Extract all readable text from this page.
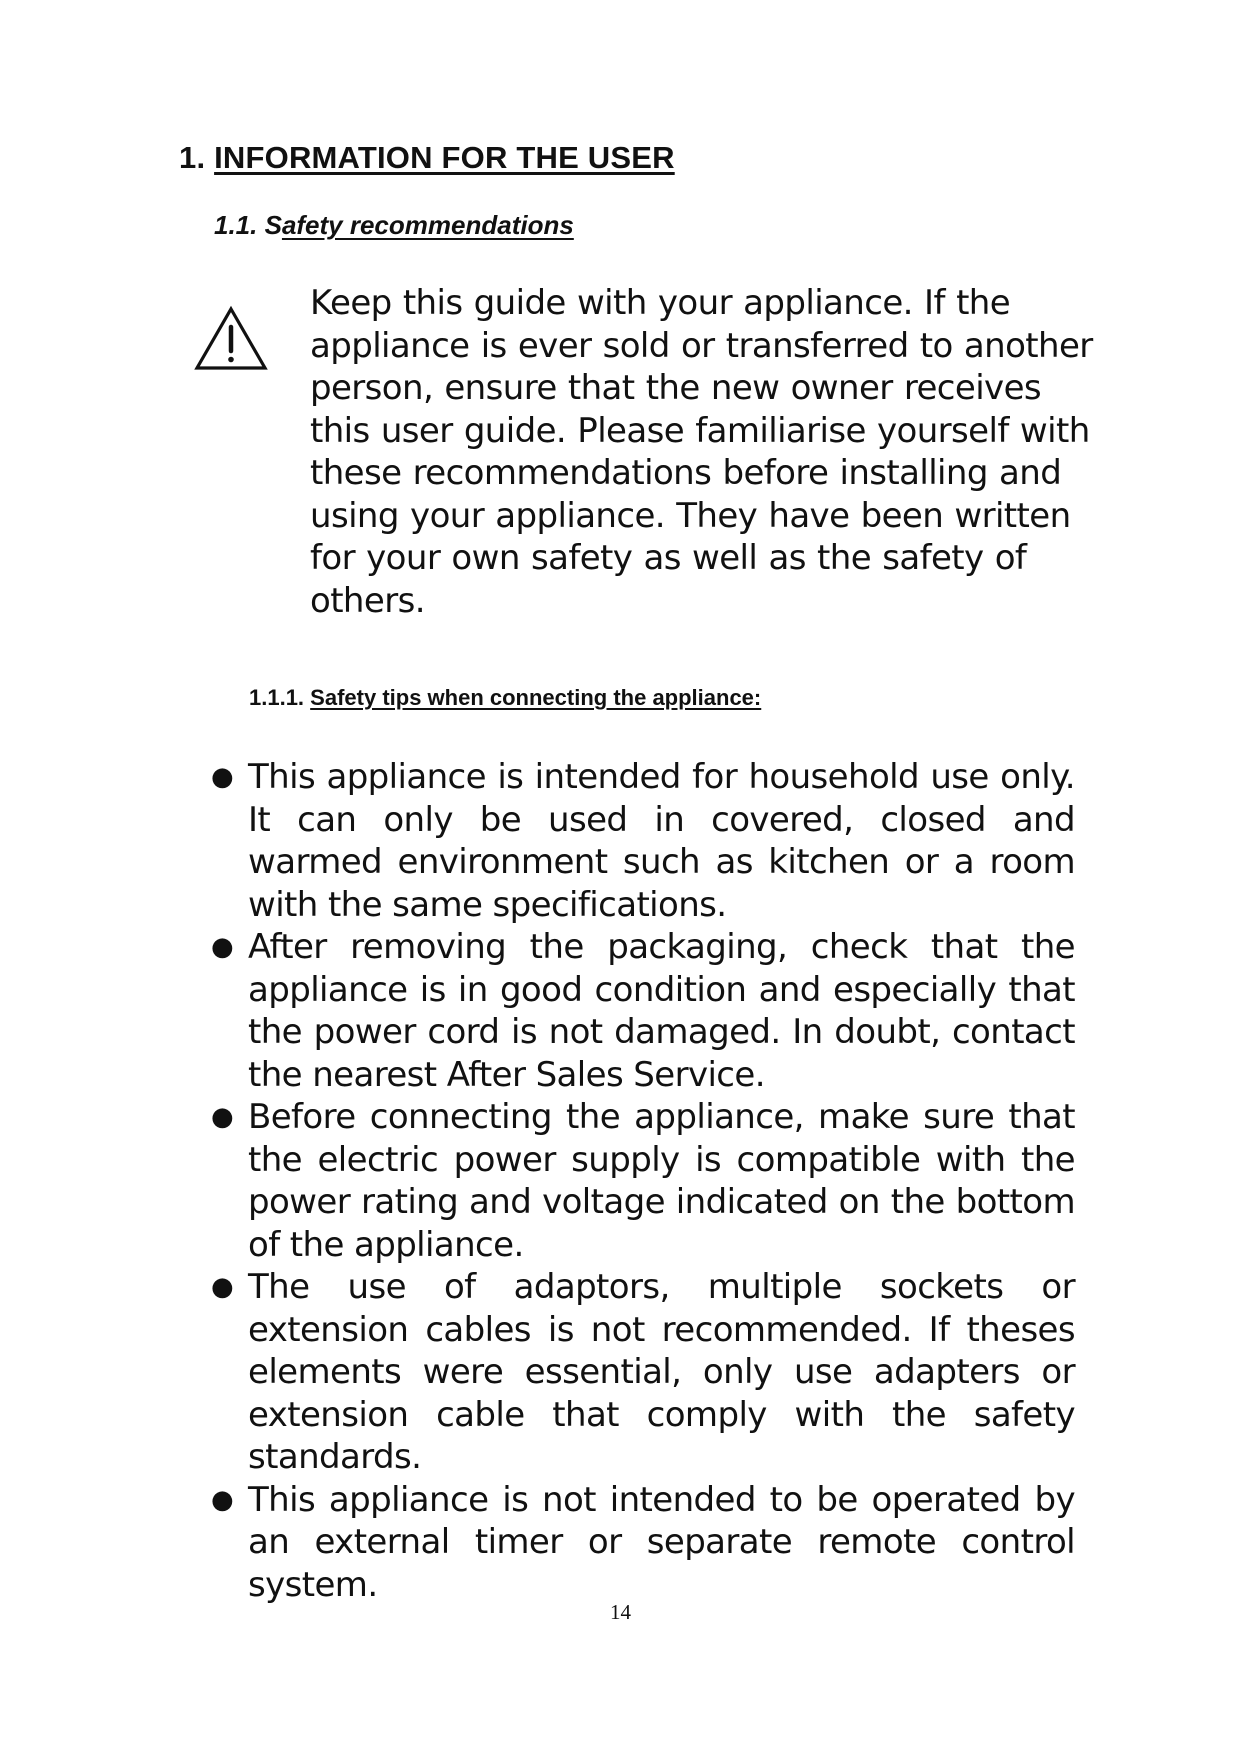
1. INFORMATION FOR THE USER
1.1. Safety recommendations
Keep this guide with your appliance. If the appliance is ever sold or transferred to another person, ensure that the new owner receives this user guide. Please familiarise yourself with these recommendations before installing and using your appliance. They have been written for your own safety as well as the safety of others.
1.1.1. Safety tips when connecting the appliance:
● This appliance is intended for household use only. It can only be used in covered, closed and warmed environment such as kitchen or a room with the same specifications.
● After removing the packaging, check that the appliance is in good condition and especially that the power cord is not damaged. In doubt, contact the nearest After Sales Service.
● Before connecting the appliance, make sure that the electric power supply is compatible with the power rating and voltage indicated on the bottom of the appliance.
● The use of adaptors, multiple sockets or extension cables is not recommended. If theses elements were essential, only use adapters or extension cable that comply with the safety standards.
● This appliance is not intended to be operated by an external timer or separate remote control system.
14
